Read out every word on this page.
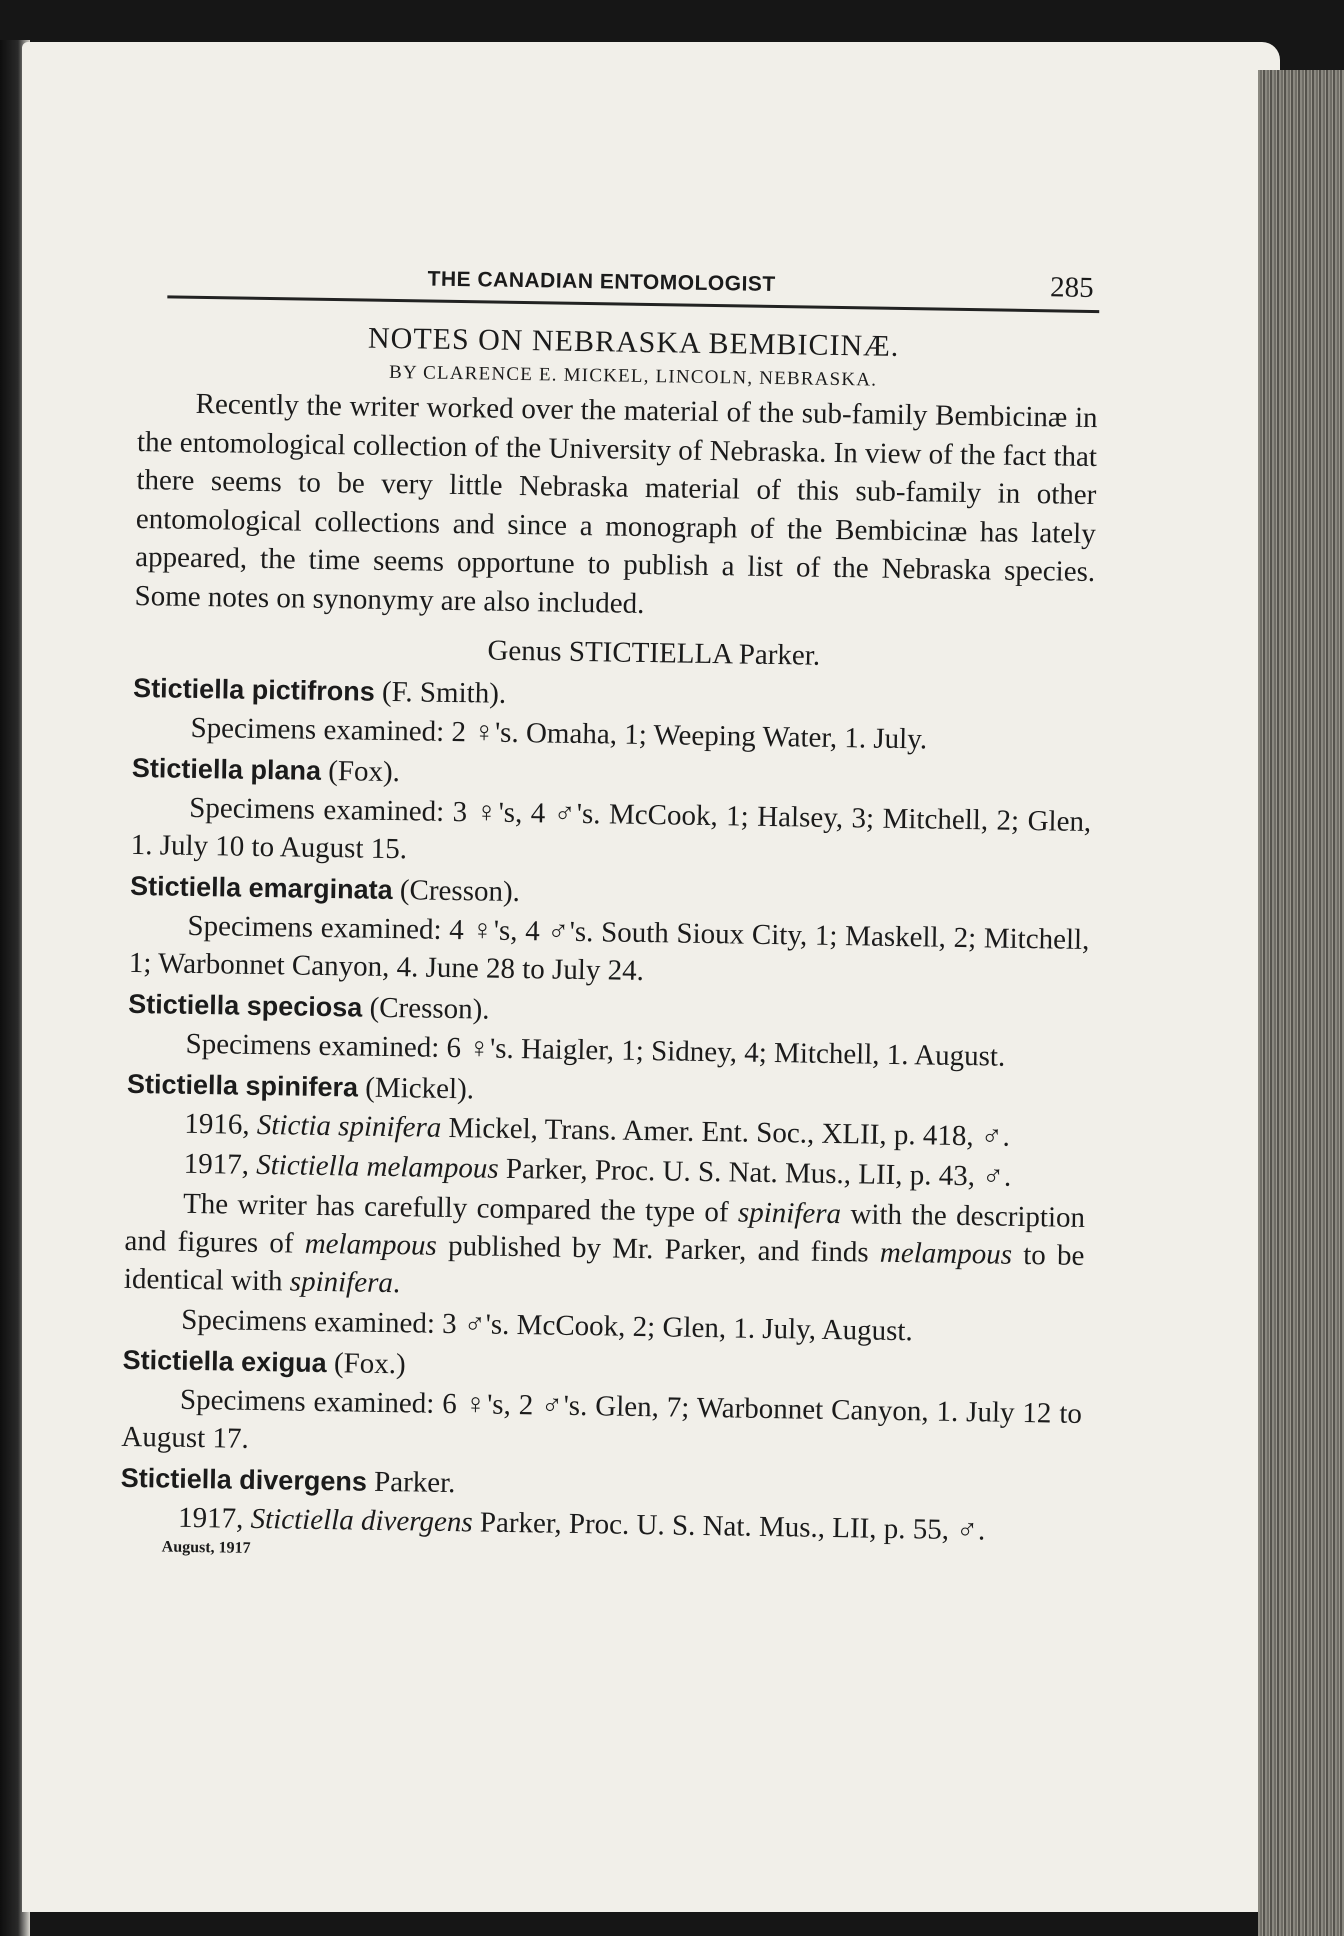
THE CANADIAN ENTOMOLOGIST	285
NOTES ON NEBRASKA BEMBICINÆ.
BY CLARENCE E. MICKEL, LINCOLN, NEBRASKA.

Recently the writer worked over the material of the sub-family Bembicinæ in the entomological collection of the University of Nebraska. In view of the fact that there seems to be very little Nebraska material of this sub-family in other entomological collections and since a monograph of the Bembicinæ has lately appeared, the time seems opportune to publish a list of the Nebraska species. Some notes on synonymy are also included.

Genus STICTIELLA Parker.

Stictiella pictifrons (F. Smith).

Specimens examined: 2 ♀'s. Omaha, 1; Weeping Water, 1. July.

Stictiella plana (Fox).

Specimens examined: 3 ♀'s, 4 ♂'s. McCook, 1; Halsey, 3; Mitchell, 2; Glen, 1. July 10 to August 15.

Stictiella emarginata (Cresson).

Specimens examined: 4 ♀'s, 4 ♂'s. South Sioux City, 1; Maskell, 2; Mitchell, 1; Warbonnet Canyon, 4. June 28 to July 24.

Stictiella speciosa (Cresson).

Specimens examined: 6 ♀'s. Haigler, 1; Sidney, 4; Mitchell, 1. August.

Stictiella spinifera (Mickel).

1916, Stictia spinifera Mickel, Trans. Amer. Ent. Soc., XLII, p. 418, ♂.

1917, Stictiella melampous Parker, Proc. U. S. Nat. Mus., LII, p. 43, ♂.

The writer has carefully compared the type of spinifera with the description and figures of melampous published by Mr. Parker, and finds melampous to be identical with spinifera.

Specimens examined: 3 ♂'s. McCook, 2; Glen, 1. July, August.

Stictiella exigua (Fox.)

Specimens examined: 6 ♀'s, 2 ♂'s. Glen, 7; Warbonnet Canyon, 1. July 12 to August 17.

Stictiella divergens Parker.

1917, Stictiella divergens Parker, Proc. U. S. Nat. Mus., LII, p. 55, ♂.

August, 1917
